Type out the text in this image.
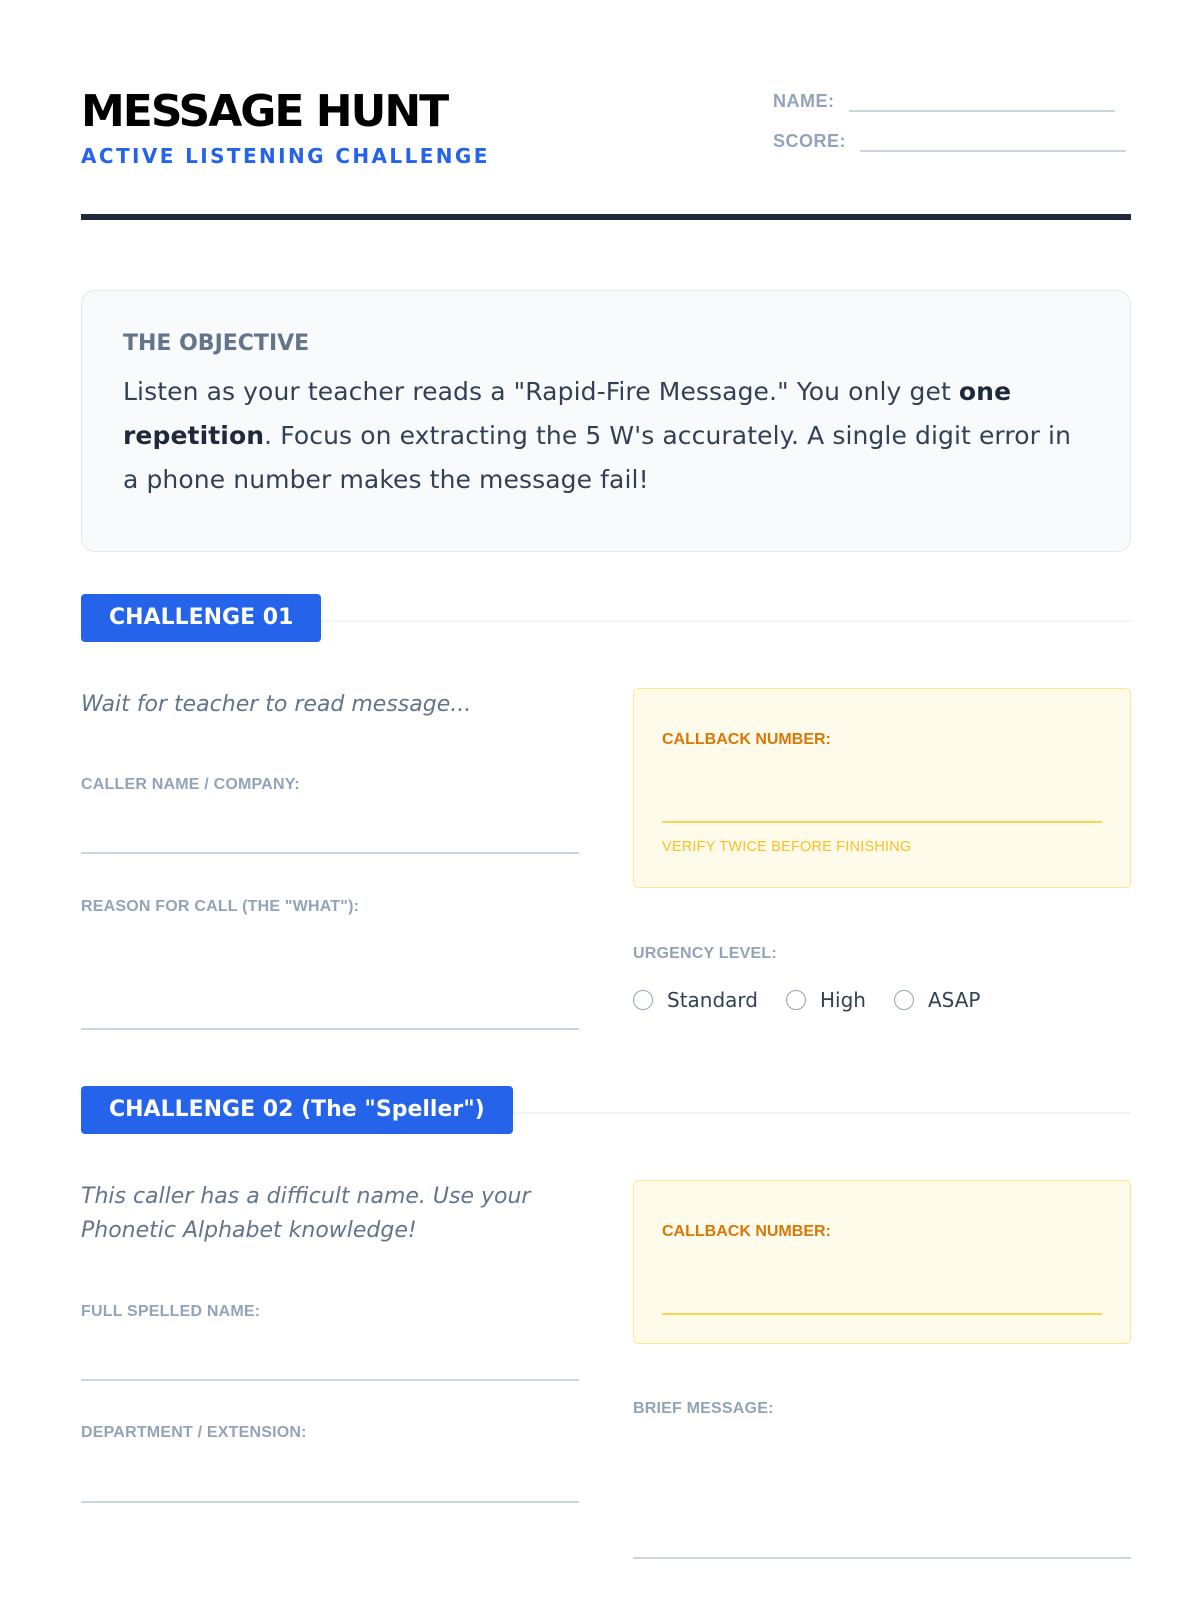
MESSAGE HUNT
ACTIVE LISTENING CHALLENGE
NAME:
SCORE:
THE OBJECTIVE
Listen as your teacher reads a "Rapid-Fire Message." You only get one repetition. Focus on extracting the 5 W's accurately. A single digit error in a phone number makes the message fail!
CHALLENGE 01
Wait for teacher to read message...
CALLER NAME / COMPANY:
REASON FOR CALL (THE "WHAT"):
CALLBACK NUMBER:
VERIFY TWICE BEFORE FINISHING
URGENCY LEVEL:
Standard	High	ASAP
CHALLENGE 02 (The "Speller")
This caller has a difficult name. Use your Phonetic Alphabet knowledge!
FULL SPELLED NAME:
DEPARTMENT / EXTENSION:
CALLBACK NUMBER:
BRIEF MESSAGE:
